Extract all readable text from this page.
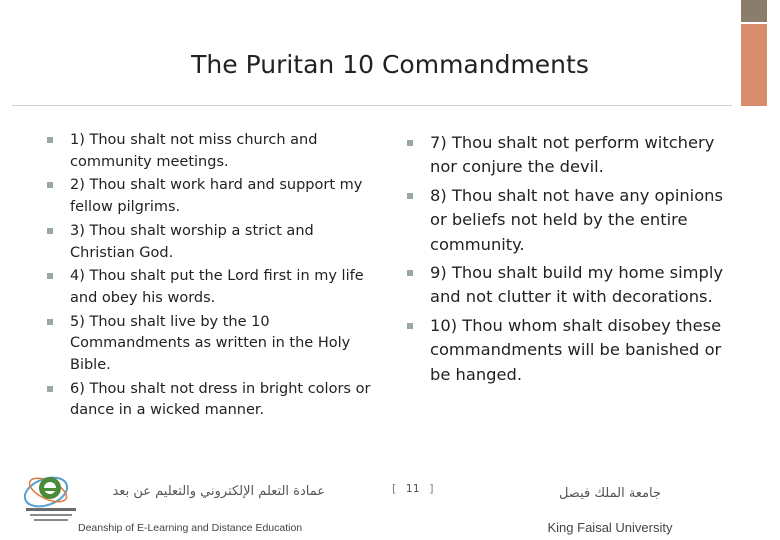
The Puritan 10 Commandments
1) Thou shalt not miss church and community meetings.
2) Thou shalt work hard and support my fellow pilgrims.
3) Thou shalt worship a strict and Christian God.
4) Thou shalt put the Lord first in my life and obey his words.
5) Thou shalt live by the 10 Commandments as written in the Holy Bible.
6) Thou shalt not dress in bright colors or dance in a wicked manner.
7) Thou shalt not perform witchery nor conjure the devil.
8) Thou shalt not have any opinions or beliefs not held by the entire community.
9) Thou shalt build my home simply and not clutter it with decorations.
10) Thou whom shalt disobey these commandments will be banished or be hanged.
عمادة التعلم الإلكتروني والتعليم عن بعد
Deanship of E-Learning and Distance Education
[ 11 ]	جامعة الملك فيصل
King Faisal University
